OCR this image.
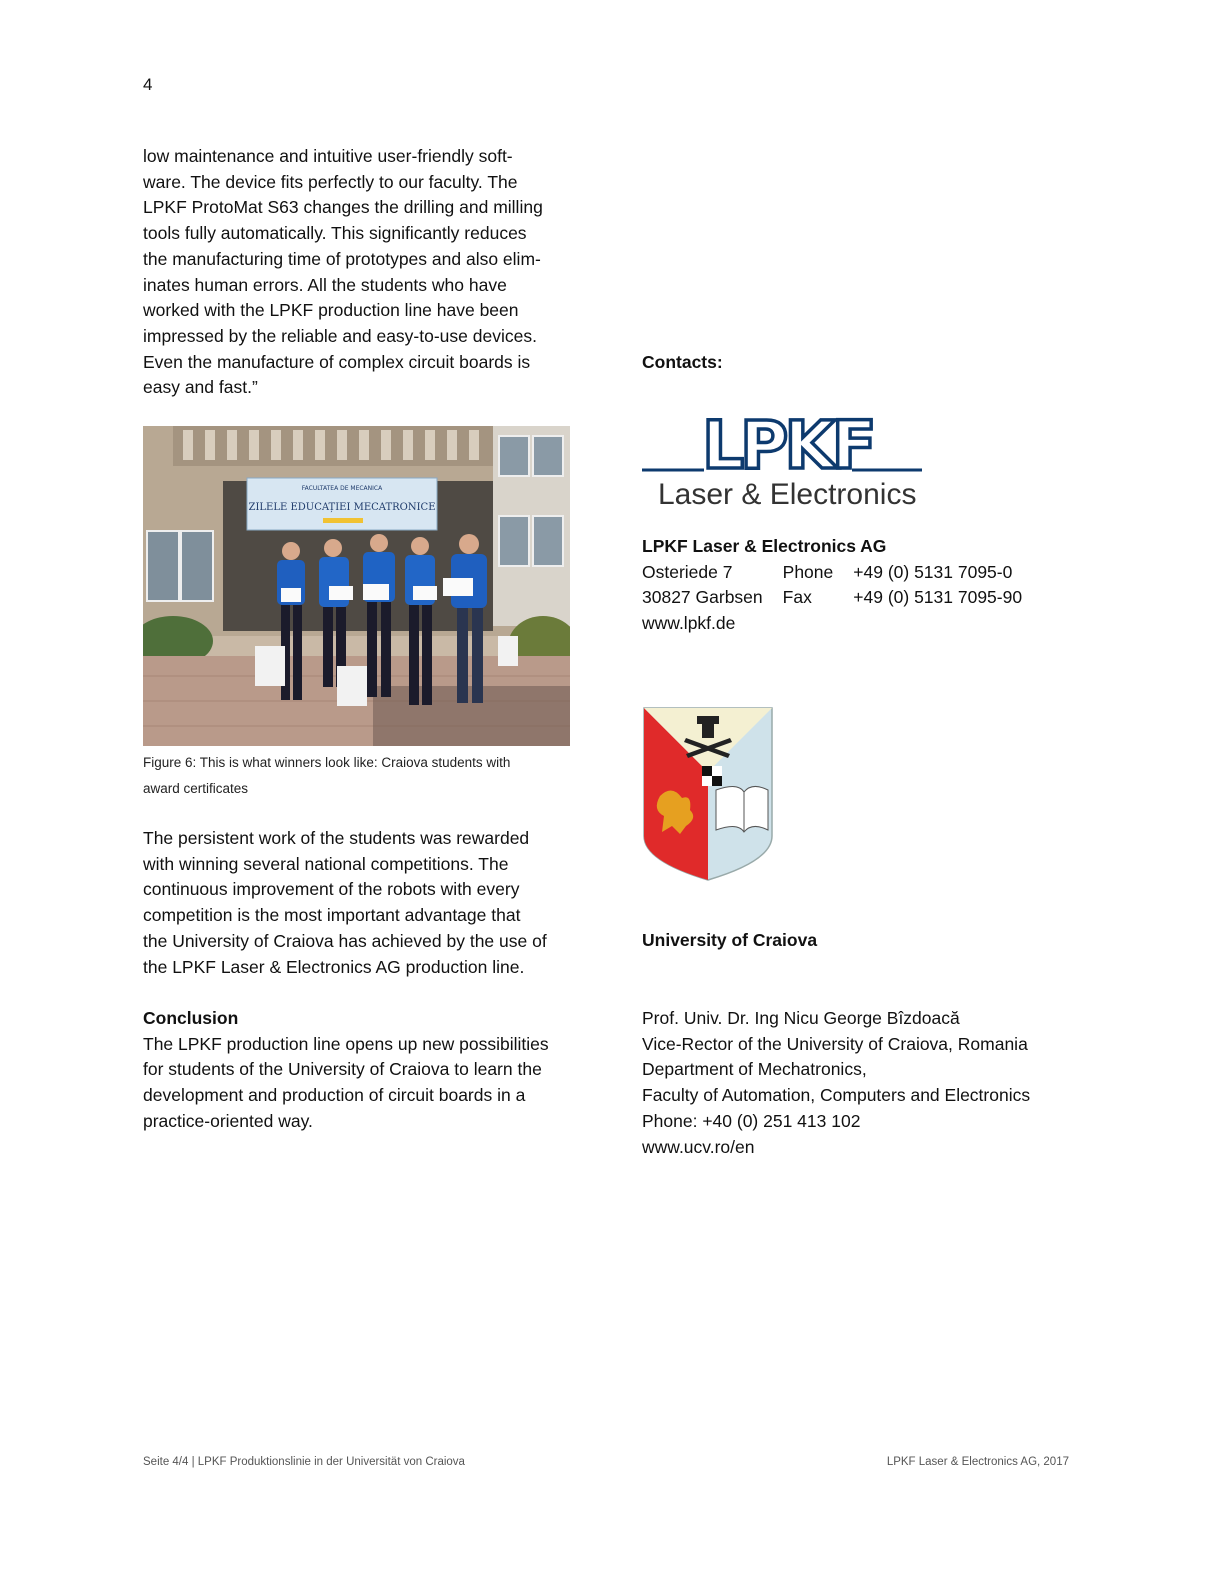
4

low maintenance and intuitive user-friendly soft-

ware. The device fits perfectly to our faculty. The

LPKF ProtoMat S63 changes the drilling and milling

tools fully automatically. This significantly reduces

the manufacturing time of prototypes and also elim-

inates human errors. All the students who have

worked with the LPKF production line have been

impressed by the reliable and easy-to-use devices.

Even the manufacture of complex circuit boards is

easy and fast.”

FACULTATEA DE MECANICA
ZILELE EDUCAȚIEI MECATRONICE

Figure 6: This is what winners look like: Craiova students with

award certificates

The persistent work of the students was rewarded

with winning several national competitions. The

continuous improvement of the robots with every

competition is the most important advantage that

the University of Craiova has achieved by the use of

the LPKF Laser & Electronics AG production line.

Conclusion

The LPKF production line opens up new possibilities

for students of the University of Craiova to learn the

development and production of circuit boards in a

practice-oriented way.

Contacts:
LPKF
Laser & Electronics

LPKF Laser & Electronics AG

Osteriede 7	Phone	+49 (0) 5131 7095-0
30827 Garbsen	Fax	+49 (0) 5131 7095-90

www.lpkf.de

University of Craiova

Prof. Univ. Dr. Ing Nicu George Bîzdoacă

Vice-Rector of the University of Craiova, Romania

Department of Mechatronics,

Faculty of Automation, Computers and Electronics

Phone: +40 (0) 251 413 102

www.ucv.ro/en

Seite 4/4 | LPKF Produktionslinie in der Universität von Craiova	LPKF Laser & Electronics AG, 2017
